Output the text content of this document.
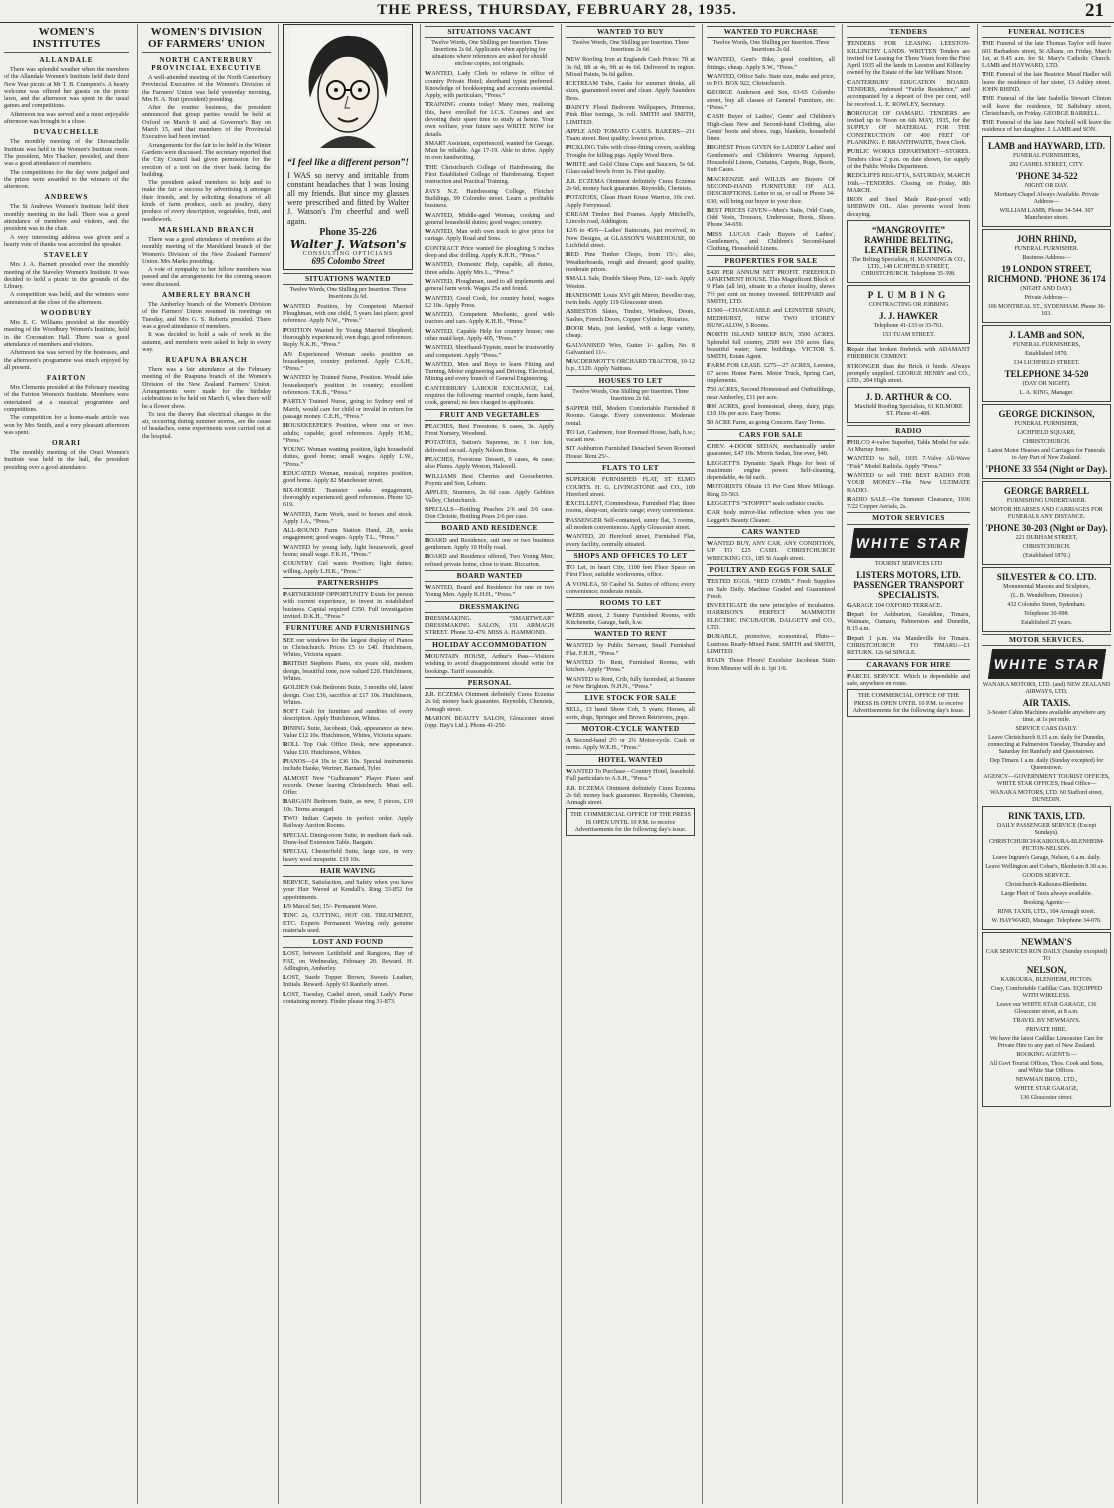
THE PRESS, THURSDAY, FEBRUARY 28, 1935.	21
WOMEN'S INSTITUTES
ALLANDALE

There was splendid weather when the members of the Allandale Women's Institute held their third New Year picnic at Mr T. B. Crampton's. A hearty welcome was offered her guests on the picnic lawn, and the afternoon was spent in the usual games and competitions.

Afternoon tea was served and a most enjoyable afternoon was brought to a close.

DUVAUCHELLE

The monthly meeting of the Duvauchelle Institute was held in the Women's Institute room. The president, Mrs Thacker, presided, and there was a good attendance of members.

The competitions for the day were judged and the prizes were awarded to the winners of the afternoon.

ANDREWS

The St Andrews Women's Institute held their monthly meeting in the hall. There was a good attendance of members and visitors, and the president was in the chair.

A very interesting address was given and a hearty vote of thanks was accorded the speaker.

STAVELEY

Mrs J. A. Barnett presided over the monthly meeting of the Staveley Women's Institute. It was decided to hold a picnic in the grounds of the Library.

A competition was held, and the winners were announced at the close of the afternoon.

WOODBURY

Mrs E. C. Williams presided at the monthly meeting of the Woodbury Women's Institute, held in the Coronation Hall. There was a good attendance of members and visitors.

Afternoon tea was served by the hostesses, and the afternoon's programme was much enjoyed by all present.

FAIRTON

Mrs Clements presided at the February meeting of the Fairton Women's Institute. Members were entertained at a musical programme and competitions.

The competition for a home-made article was won by Mrs Smith, and a very pleasant afternoon was spent.

ORARI

The monthly meeting of the Orari Women's Institute was held in the hall, the president presiding over a good attendance.

WOMEN'S DIVISION OF FARMERS' UNION
NORTH CANTERBURY PROVINCIAL EXECUTIVE

A well-attended meeting of the North Canterbury Provincial Executive of the Women's Division of the Farmers' Union was held yesterday morning, Mrs H. A. Nutt (president) presiding.

After the routine business, the president announced that group parties would be held at Oxford on March 8 and at Governor's Bay on March 15, and that members of the Provincial Executive had been invited.

Arrangements for the fair to be held in the Winter Gardens were discussed. The secretary reported that the City Council had given permission for the erection of a tent on the river bank facing the building.

The president asked members to help and to make the fair a success by advertising it amongst their friends, and by soliciting donations of all kinds of farm produce, such as poultry, dairy produce of every description, vegetables, fruit, and needlework.

MARSHLAND BRANCH

There was a good attendance of members at the monthly meeting of the Marshland branch of the Women's Division of the New Zealand Farmers' Union. Mrs Marks presiding.

A vote of sympathy to her fellow members was passed and the arrangements for the coming season were discussed.

AMBERLEY BRANCH

The Amberley branch of the Women's Division of the Farmers' Union resumed its meetings on Tuesday, and Mrs G. S. Roberts presided. There was a good attendance of members.

It was decided to hold a sale of work in the autumn, and members were asked to help in every way.

RUAPUNA BRANCH

There was a fair attendance at the February meeting of the Ruapuna branch of the Women's Division of the New Zealand Farmers' Union. Arrangements were made for the birthday celebrations to be held on March 6, when there will be a flower show.

To test the theory that electrical changes in the air, occurring during summer storms, are the cause of headaches, some experiments were carried out at the hospital.

“I feel like a different person”!
I WAS so nervy and irritable from constant headaches that I was losing all my friends. But since my glasses were prescribed and fitted by Walter J. Watson's I'm cheerful and well again.
Phone 35-226
Walter J. Watson's
CONSULTING OPTICIANS
695 Colombo Street
SITUATIONS WANTED
Twelve Words, One Shilling per Insertion. Three Insertions 2s 6d.
WANTED Position, by Competent Married Ploughman, with one child, 5 years last place; good reference. Apply N.W., “Press.”
POSITION Wanted by Young Married Shepherd; thoroughly experienced; own dogs; good references. Reply N.K.H., “Press.”
AN Experienced Woman seeks position as housekeeper, country preferred. Apply C.S.H., “Press.”
WANTED by Trained Nurse, Position. Would take housekeeper's position in country; excellent references. T.K.B., “Press.”
PARTLY Trained Nurse, going to Sydney end of March, would care for child or invalid in return for passage money. C.E.H., “Press.”
HOUSEKEEPER'S Position, where one or two adults; capable; good references. Apply H.M., “Press.”
YOUNG Woman wanting position, light household duties, good home; small wages. Apply L.W., “Press.”
EDUCATED Woman, musical, requires position, good home. Apply 82 Manchester street.
SIX-HORSE Teamster seeks engagement, thoroughly experienced; good references. Phone 32-619.
WANTED, Farm Work, used to horses and stock. Apply J.A., “Press.”
ALL-ROUND Farm Station Hand, 28, seeks engagement; good wages. Apply T.L., “Press.”
WANTED by young lady, light housework, good home; small wage. F.K.H., “Press.”
COUNTRY Girl wants Position; light duties; willing. Apply L.H.K., “Press.”
PARTNERSHIPS
PARTNERSHIP OPPORTUNITY Exists for person with current experience, to invest in established business. Capital required £350. Full investigation invited. D.K.H., “Press.”
FURNITURE AND FURNISHINGS
SEE our windows for the largest display of Pianos in Christchurch. Prices £5 to £40. Hutchinson, Whites, Victoria square.
BRITISH Stephens Piano, six years old, modern design, beautiful tone, now valued £20. Hutchinson, Whites.
GOLDEN Oak Bedroom Suite, 3 months old, latest design. Cost £36, sacrifice at £17 10s. Hutchinson, Whites.
SOFT Cash for furniture and sundries of every description. Apply Hutchinson, Whites.
DINING Suite, Jacobean, Oak, appearance as new. Value £12 10s. Hutchinson, Whites, Victoria square.
ROLL Top Oak Office Desk, new appearance. Value £10. Hutchinson, Whites.
PIANOS—£4 19s to £36 10s. Special instruments include Hauke, Wertner, Barnard, Tyler.
ALMOST New “Gulbransen” Player Piano and records. Owner leaving Christchurch. Must sell. Offer.
BARGAIN Bedroom Suite, as new, 5 pieces, £19 10s. Terms arranged.
TWO Indian Carpets in perfect order. Apply Railway Auction Rooms.
SPECIAL Dining-room Suite, in medium dark oak. Draw-leaf Extension Table. Bargain.
SPECIAL Chesterfield Suite, large size, in very heavy wool moquette. £19 10s.
HAIR WAVING
SERVICE, Satisfaction, and Safety when you have your Hair Waved at Kendall's. Ring 33-852 for appointments.
1/9 Marcel Set; 15/- Permanent Wave.
TINC 2s, CUTTING, HOT OIL TREATMENT, ETC. Experts Permanent Waving only genuine materials used.
LOST AND FOUND
LOST, between Leithfield and Rangiora, Bay of FAT, on Wednesday, February 20. Reward. H. Adlington, Amberley.
LOST, Suede Topper Brown, Sweets Leather, Initials. Reward. Apply 63 Ranfurly street.
LOST, Tuesday, Cashel street, small Lady's Purse containing money. Finder please ring 31-873.
SITUATIONS VACANT
Twelve Words, One Shilling per Insertion. Three Insertions 2s 6d. Applicants when applying for situations where references are asked for should enclose copies, not originals.
WANTED, Lady Clerk to relieve in office of country Private Hotel; shorthand typist preferred. Knowledge of bookkeeping and accounts essential. Apply, with particulars, “Press.”
TRAINING counts today! Many men, realising this, have enrolled for I.C.S. Courses and are devoting their spare time to study at home. Your own welfare, your future says WRITE NOW for details.
SMART Assistant, experienced, wanted for Garage. Must be reliable. Age 17-19. Able to drive. Apply in own handwriting.
THE Christchurch College of Hairdressing, the First Established College of Hairdressing. Expert instruction and Practical Training.
JAYS N.Z. Hairdressing College, Fletcher Buildings, 99 Colombo street. Learn a profitable business.
WANTED, Middle-aged Woman, cooking and general household duties; good wages; country.
WANTED, Man with own truck to give price for cartage. Apply Road and Sons.
CONTRACT Price wanted for ploughing 5 inches deep and disc drilling. Apply K.H.H., “Press.”
WANTED, Domestic Help, capable, all duties, three adults. Apply Mrs L., “Press.”
WANTED, Ploughman, used to all implements and general farm work. Wages 25s and found.
WANTED, Good Cook, for country hotel, wages £2 10s. Apply Press.
WANTED, Competent Mechanic, good with tractors and cars. Apply K.H.H., “Press.”
WANTED, Capable Help for country house; one other maid kept. Apply 405, “Press.”
WANTED, Shorthand-Typiste, must be trustworthy and competent. Apply “Press.”
WANTED, Men and Boys to learn Fitting and Turning, Motor engineering and Driving. Electrical, Mining and every branch of General Engineering.
CANTERBURY LABOUR EXCHANGE, Ltd, requires the following: married couple, farm hand, cook, general; no fees charged to applicants.
FRUIT AND VEGETABLES
PEACHES, Best Freestone, 6 cases, 3s. Apply Frost Nursery, Woodend.
POTATOES, Sutton's Supreme, in 1 ton lots, delivered on rail. Apply Nelson Bros.
PEACHES, Freestone Dessert, 9 cases, 4s case; also Plums. Apply Weston, Halswell.
WILLIAMS Best Cherries and Gooseberries. Poyntz and Son, Loburn.
APPLES, Sturmers, 2s 6d case. Apply Gebbies Valley, Christchurch.
SPECIALS—Bottling Peaches 2/6 and 3/6 case. Don Christie, Bottling Pears 2/6 per case.
BOARD AND RESIDENCE
BOARD and Residence, suit one or two business gentlemen. Apply 10 Holly road.
BOARD and Residence offered, Two Young Men; refined private home, close to tram. Riccarton.
BOARD WANTED
WANTED, Board and Residence for one or two Young Men. Apply K.H.H., “Press.”
DRESSMAKING
DRESSMAKING. “SMARTWEAR” DRESSMAKING SALON, 151 ARMAGH STREET. Phone 32-479. MISS A. HAMMOND.
HOLIDAY ACCOMMODATION
MOUNTAIN HOUSE, Arthur's Pass—Visitors wishing to avoid disappointment should write for bookings. Tariff reasonable.
PERSONAL
J.R. ECZEMA Ointment definitely Cures Eczema 2s 6d; money back guarantee. Reynolds, Chemists, Armagh street.
MARION BEAUTY SALON, Gloucester street (opp. Hay's Ltd.). Phone 41-250.
WANTED TO BUY
Twelve Words, One Shilling per Insertion. Three Insertions 2s 6d.
NEW Roofing Iron at Englands Cash Prices: 7ft at 3s 6d, 8ft at 4s, 9ft at 4s 6d. Delivered in region. Mixed Paints, 9s 6d gallon.
ICETREAM Tubs, Casks for summer drinks, all sizes, guaranteed sweet and clean. Apply Saunders Bros.
DAINTY Floral Bedroom Wallpapers, Primrose, Pink Blue tonings, 3s roll. SMITH and SMITH, LIMITED.
APPLE AND TOMATO CASES. BAKERS—211 Tuam street. Best quality; lowest prices.
PICKLING Tubs with close-fitting covers, scalding Troughs for killing pigs. Apply Wood Bros.
WHITE and Gold China Cups and Saucers, 5s 6d. Glass salad bowls from 1s. First quality.
J.R. ECZEMA Ointment definitely Cures Eczema 2s 6d; money back guarantee. Reynolds, Chemists.
POTATOES, Clean Heart Kruse Warrior, 10s cwt. Apply Ferrymead.
CREAM Timber Bed Frames. Apply Mitchell's, Lincoln road, Addington.
12/6 to 45/6—Ladies' Raincoats, just received, in New Designs, at GLASSON'S WAREHOUSE, 90 Lichfield street.
RED Pine Timber Chops, from 15/-; also, Weatherboards, rough and dressed; good quality, moderate prices.
SMALL Sale, Double Sheep Pens, 12/- each. Apply Weston.
HANDSOME Louis XVI gilt Mirror, Beveller tray, twin beds. Apply 119 Gloucester street.
ASBESTOS Slates, Timber, Windows, Doors, Sashes, French Doors, Copper Cylinder, Rotaries.
DOOR Mats, just landed, with a large variety, cheap.
GALVANISED Wire, Gutter 1/- gallon, No. 8 Galvanised 11/-.
MACDERMOTT'S ORCHARD TRACTOR, 10-12 h.p., £120. Apply Nattrass.
HOUSES TO LET
Twelve Words, One Shilling per Insertion. Three Insertions 2s 6d.
SAPPER Hill, Modern Comfortable Furnished 8 Rooms. Garage. Every convenience. Moderate rental.
TO Let, Cashmere, four Roomed House, bath, h.w.; vacant now.
SIT Ashburton Furnished Detached Seven Roomed House. Rent 25/-.
FLATS TO LET
SUPERIOR FURNISHED FLAT, ST ELMO COURTS. H. G. LIVINGSTONE and CO., 109 Hereford street.
EXCELLENT, Commodious, Furnished Flat; three rooms, sleep-out, electric range; every convenience.
PASSENGER Self-contained, sunny flat, 3 rooms, all modern conveniences. Apply Gloucester street.
WANTED, 20 Hereford street, Furnished Flat, every facility, centrally situated.
SHOPS AND OFFICES TO LET
TO Let, in heart City, 1100 feet Floor Space on First Floor, suitable workrooms, office.
A VONLEA, 50 Cashel St. Suites of offices; every convenience; moderate rentals.
ROOMS TO LET
WEBB street, 2 Sunny Furnished Rooms, with Kitchenette, Garage, bath, h.w.
WANTED TO RENT
WANTED by Public Servant, Small Furnished Flat. F.H.H., “Press.”
WANTED To Rent, Furnished Rooms, with kitchen. Apply “Press.”
WANTED to Rent, Crib, fully furnished, at Sumner or New Brighton. N.H.N., “Press.”
LIVE STOCK FOR SALE
SELL, 13 hand Show Cob, 5 years; Horses, all sorts, dogs, Springer and Brown Retrievers, pups.
MOTOR-CYCLE WANTED
A Second-hand 2½ or 2¾ Motor-cycle. Cash or terms. Apply W.E.H., “Press.”
HOTEL WANTED
WANTED To Purchase—Country Hotel, leasehold. Full particulars to A.S.H., “Press.”
J.R. ECZEMA Ointment definitely Cures Eczema 2s 6d; money back guarantee. Reynolds, Chemists, Armagh street.
THE COMMERCIAL OFFICE OF THE PRESS IS OPEN UNTIL 10 P.M. to receive Advertisements for the following day's issue.
WANTED TO PURCHASE
Twelve Words, One Shilling per Insertion. Three Insertions 2s 6d.
WANTED, Gent's Bike, good condition, all fittings; cheap. Apply S.W., “Press.”
WANTED, Office Safe. State size, make and price, to P.O. BOX 922, Christchurch.
GEORGE Anderson and Son, 63-65 Colombo street, buy all classes of General Furniture, etc. “Press.”
CASH Buyer of Ladies', Gents' and Children's High-class New and Second-hand Clothing, also Gents' boots and shoes, rugs, blankets, household linen.
HIGHEST Prices GIVEN for LADIES' Ladies' and Gentlemen's and Children's Wearing Apparel; Household Linens, Curtains, Carpets, Rugs, Boots, Suit Cases.
MACKENZIE and WILLIS are Buyers Of SECOND-HAND FURNITURE OF ALL DESCRIPTIONS. Letter to us, or call or Phone 34-630, will bring our buyer to your door.
BEST PRICES GIVEN—Men's Suits, Odd Coats, Odd Vests, Trousers, Underwear, Boots, Shoes. Phone 34-659.
MISS LUCAS Cash Buyers of Ladies', Gentlemen's, and Children's Second-hand Clothing, Household Linens.
PROPERTIES FOR SALE
£420 PER ANNUM NET PROFIT. FREEHOLD APARTMENT HOUSE. This Magnificent Block of 9 Flats (all let), situate in a choice locality, shows 7½ per cent on money invested. SHEPPARD and SMITH, LTD.
£1500—CHANGEABLE and LEINSTER SPAIN, MEDHURST, NEW TWO STOREY BUNGALOW, 5 Rooms.
NORTH ISLAND SHEEP RUN, 3500 ACRES. Splendid full country, 2500 wet 150 acres flats; beautiful water; farm buildings. VICTOR S. SMITH, Estate Agent.
FARM FOR LEASE. £275—27 ACRES, Leeston, 67 acres Home Farm. Motor Truck, Spring Cart, implements.
750 ACRES, Second Homestead and Outbuildings, near Amberley, £11 per acre.
800 ACRES, good homestead, sheep, dairy, pigs; £10 10s per acre. Easy Terms.
50 ACRE Farm, as going Concern. Easy Terms.
CARS FOR SALE
CHEV. 4-DOOR SEDAN, mechanically under guarantee, £47 10s. Morris Sedan, line ever, §40.
LEGGETT'S Dynamic Spark Plugs for best of maximum engine power. Self-cleaning, dependable, 4s 6d each.
MOTORISTS Obtain 15 Per Cent More Mileage. Ring 33-563.
LEGGETT'S “STOPPIT” seals radiator cracks.
CAR body mirror-like reflection when you use Leggett's Beauty Cleaner.
CARS WANTED
WANTED BUY, ANY CAR, ANY CONDITION, UP TO £25 CASH. CHRISTCHURCH WRECKING CO., 185 St Asaph street.
POULTRY AND EGGS FOR SALE
TESTED EGGS. “RED COMB.” Fresh Supplies on Sale Daily. Machine Graded and Guaranteed Fresh.
INVESTIGATE the new principles of incubation. HARRISON'S PERFECT MAMMOTH ELECTRIC INCUBATOR. DALGETY and CO., LTD.
DURABLE, protective, economical, Pluto—Lustrous Ready-Mixed Paint. SMITH and SMITH, LIMITED.
STAIN Those Floors! Excelsior Jacobean Stain from Minsmo will do it. 1pt 1/6.
TENDERS
TENDERS FOR LEASING LEESTON-KILLINCHY LANDS. WRITTEN Tenders are invited for Leasing for Three Years from the First April 1935 all the lands in Leeston and Killinchy owned by the Estate of the late William Nixon.
CANTERBURY EDUCATION BOARD. TENDERS, endorsed “Fairlie Residence,” and accompanied by a deposit of five per cent, will be received. L. E. ROWLEY, Secretary.
BOROUGH OF OAMARU. TENDERS are invited up to Noon on 6th MAY, 1935, for the SUPPLY OF MATERIAL FOR THE CONSTRUCTION OF 400 FEET OF PLANKING. F. BRANTHWAITE, Town Clerk.
PUBLIC WORKS DEPARTMENT—STORES. Tenders close 2 p.m. on date shown, for supply of the Public Works Department.
REDCLIFFS REGATTA, SATURDAY, MARCH 16th.—TENDERS. Closing on Friday, 8th MARCH.
IRON and Steel Made Rust-proof with SHERWIN OIL. Also prevents wood from decaying.
“MANGROVITE” RAWHIDE BELTING, LEATHER BELTING.
The Belting Specialists, H. MANNING & CO., LTD., 148 LICHFIELD STREET, CHRISTCHURCH. Telephone 35-398.
PLUMBING
CONTRACTING OR JOBBING
J. J. HAWKER
Telephone 41-133 or 33-761.
153 TUAM STREET.
Repair that broken firebrick with ADAMANT FIREBRICK CEMENT.
STRONGER than the Brick it binds. Always promptly supplied. GEORGE HENRY and CO., LTD., 204 High street.
J. D. ARTHUR & CO.
Maxfield Roofing Specialists, 61 KILMORE ST. Phone 41-408.
RADIO
PHILCO 4-valve Superhet, Table Model for sale. At Murray Jones.
WANTED to Sell, 1935 7-Valve All-Wave “Fisk” Model Radiola. Apply “Press.”
WANTED to sell THE BEST RADIO FOR YOUR MONEY—The New ULTIMATE RADIO.
RADIO SALE—On Summer Clearance, 1936 7/22 Copper Aerials, 2s.
MOTOR SERVICES
WHITE STAR

TOURIST SERVICES LTD
LISTERS MOTORS, LTD. PASSENGER TRANSPORT SPECIALISTS.
GARAGE 104 OXFORD TERRACE.
Depart for Ashburton, Geraldine, Timaru, Waimate, Oamaru, Palmerston and Dunedin, 8.15 a.m.
Depart 1 p.m. via Mandeville for Timaru. CHRISTCHURCH TO TIMARU—£1 RETURN. 12s 6d SINGLE.
CARAVANS FOR HIRE
PARCEL SERVICE. Which is dependable and safe, anywhere en route.
THE COMMERCIAL OFFICE OF THE PRESS IS OPEN UNTIL 10 P.M. to receive Advertisements for the following day's issue.
FUNERAL NOTICES
THE Funeral of the late Thomas Taylor will leave 601 Barbadoes street, St Albans, on Friday, March 1st, at 9.45 a.m. for St. Mary's Catholic Church. LAMB and HAYWARD, LTD.
THE Funeral of the late Beatrice Maud Hadler will leave the residence of her sister, 13 Ashley street. JOHN RHIND.
THE Funeral of the late Isabella Stewart Clinton will leave the residence, 92 Salisbury street, Christchurch, on Friday. GEORGE BARRELL.
THE Funeral of the late Jane Nicholl will leave the residence of her daughter. J. LAMB and SON.
LAMB and HAYWARD, LTD.
FUNERAL FURNISHERS,
282 CASHEL STREET, CITY.
'PHONE 34-522
NIGHT OR DAY.
Mortuary Chapel Always Available. Private Address—
WILLIAM LAMB, Phone 34-544. 307 Manchester street.
JOHN RHIND,
FUNERAL FURNISHER.
Business Address—
19 LONDON STREET, RICHMOND. 'PHONE 36 174
(NIGHT AND DAY).
Private Address—
106 MONTREAL ST., SYDENHAM. Phone 36-103.
J. LAMB and SON,
FUNERAL FURNISHERS,
Established 1870.
134 LICHFIELD STREET.
TELEPHONE 34-520
(DAY OR NIGHT).
L. A. KING, Manager.
GEORGE DICKINSON,
FUNERAL FURNISHER,
LICHFIELD SQUARE,
CHRISTCHURCH.
Latest Motor Hearses and Carriages for Funerals to Any Part of New Zealand.
'PHONE 33 554 (Night or Day).
GEORGE BARRELL
FURNISHING UNDERTAKER.
MOTOR HEARSES AND CARRIAGES FOR FUNERALS ANY DISTANCE.
'PHONE 30-203 (Night or Day).
221 DURHAM STREET,
CHRISTCHURCH.
(Established 1870.)
SILVESTER & CO. LTD.
Monumental Masons and Sculptors,
(L. B. Wendelborn, Director.)
432 Colombo Street, Sydenham.
Telephone 30-998.
Established 25 years.
MOTOR SERVICES.
WHITE STAR
WANAKA MOTORS, LTD. (and) NEW ZEALAND AIRWAYS, LTD.
AIR TAXIS.
3-Seater Cabin Machines available anywhere any time, at 1s per mile.
SERVICE CARS DAILY.
Leave Christchurch 8.15 a.m. daily for Dunedin, connecting at Palmerston Tuesday, Thursday and Saturday for Ranfurly and Queenstown.
Dep Timaru 1 a.m. daily (Sunday excepted) for Queenstown.
AGENCY—GOVERNMENT TOURIST OFFICES, WHITE STAR OFFICES, Head Office—
WANAKA MOTORS, LTD. 60 Stafford street, DUNEDIN.
RINK TAXIS, LTD.
DAILY PASSENGER SERVICE (Except Sundays).
CHRISTCHURCH-KAIKOURA-BLENHEIM-PICTON-NELSON.
Leave Ingram's Garage, Nelson, 6 a.m. daily.
Leave Wellington and Cobar's, Blenheim 8.30 a.m.
GOODS SERVICE.
Christchurch-Kaikoura-Blenheim.
Large Fleet of Taxis always available.
Booking Agents:—
RINK TAXIS, LTD., 104 Armagh street.
W. HAYWARD, Manager. Telephone 34-076.
NEWMAN'S
CAR SERVICES RUN DAILY (Sunday excepted) TO
NELSON,
KAIKOURA, BLENHEIM, PICTON.
Cosy, Comfortable Cadillac Cars. EQUIPPED WITH WIRELESS.
Leave our WHITE STAR GARAGE, 136 Gloucester street, at 8 a.m.
TRAVEL BY NEWMAN'S.
PRIVATE HIRE.
We have the latest Cadillac Limousine Cars for Private Hire to any part of New Zealand.
BOOKING AGENTS:—
All Govt Tourist Offices, Thos. Cook and Sons, and White Star Offices.
NEWMAN BROS. LTD.,
WHITE STAR GARAGE,
136 Gloucester street.
